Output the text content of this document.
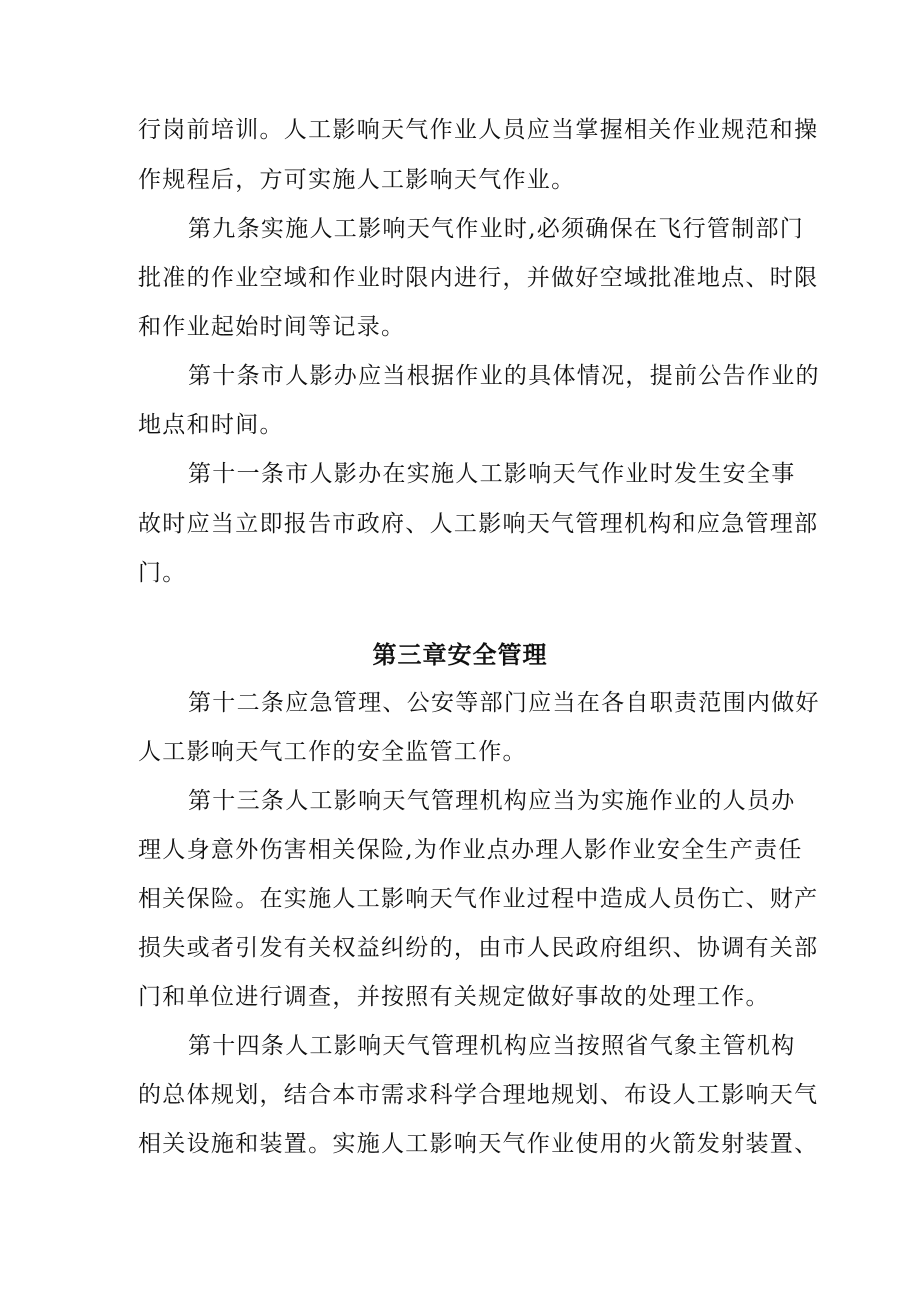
行岗前培训。人工影响天气作业人员应当掌握相关作业规范和操
作规程后，方可实施人工影响天气作业。
第九条实施人工影响天气作业时,必须确保在飞行管制部门
批准的作业空域和作业时限内进行，并做好空域批准地点、时限
和作业起始时间等记录。
第十条市人影办应当根据作业的具体情况，提前公告作业的
地点和时间。
第十一条市人影办在实施人工影响天气作业时发生安全事
故时应当立即报告市政府、人工影响天气管理机构和应急管理部
门。
第三章安全管理
第十二条应急管理、公安等部门应当在各自职责范围内做好
人工影响天气工作的安全监管工作。
第十三条人工影响天气管理机构应当为实施作业的人员办
理人身意外伤害相关保险,为作业点办理人影作业安全生产责任
相关保险。在实施人工影响天气作业过程中造成人员伤亡、财产
损失或者引发有关权益纠纷的，由市人民政府组织、协调有关部
门和单位进行调查，并按照有关规定做好事故的处理工作。
第十四条人工影响天气管理机构应当按照省气象主管机构
的总体规划，结合本市需求科学合理地规划、布设人工影响天气
相关设施和装置。实施人工影响天气作业使用的火箭发射装置、
